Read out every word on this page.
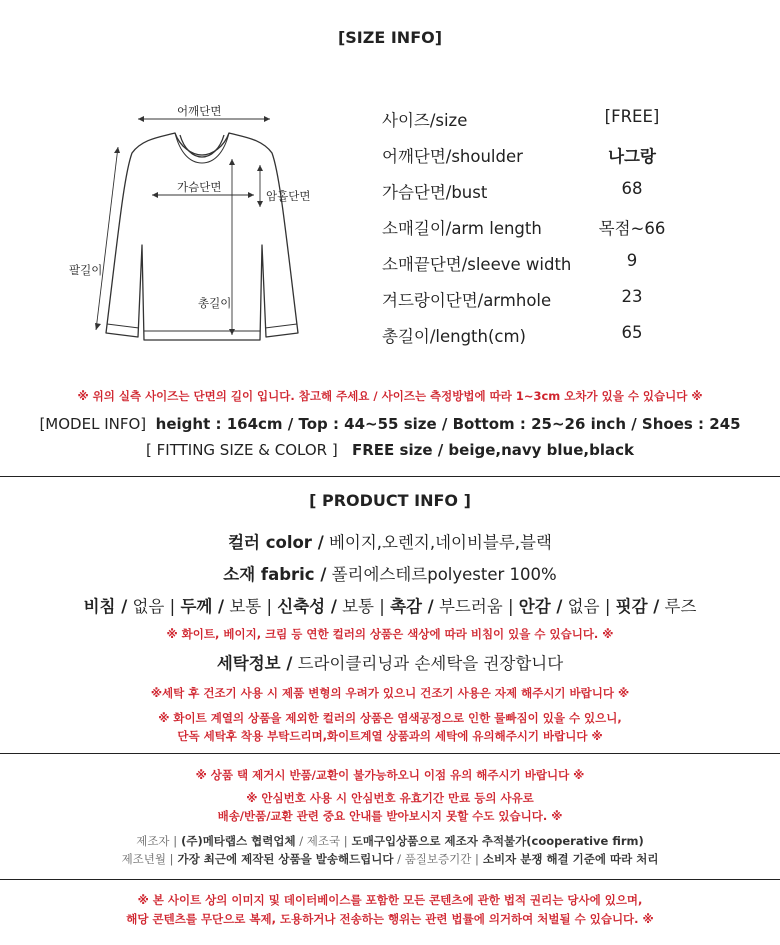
[SIZE INFO]
어깨단면
가슴단면
암홀단면
팔길이
총길이
사이즈/size	[FREE]
어깨단면/shoulder	나그랑
가슴단면/bust	68
소매길이/arm length	목점~66
소매끝단면/sleeve width	9
겨드랑이단면/armhole	23
총길이/length(cm)	65
※ 위의 실측 사이즈는 단면의 길이 입니다. 참고해 주세요 / 사이즈는 측정방법에 따라 1~3cm 오차가 있을 수 있습니다 ※
[MODEL INFO] height : 164cm / Top : 44~55 size / Bottom : 25~26 inch / Shoes : 245
[ FITTING SIZE & COLOR ] FREE size / beige,navy blue,black
[ PRODUCT INFO ]
컬러 color / 베이지,오렌지,네이비블루,블랙
소재 fabric / 폴리에스테르polyester 100%
비침 / 없음 | 두께 / 보통 | 신축성 / 보통 | 촉감 / 부드러움 | 안감 / 없음 | 핏감 / 루즈
※ 화이트, 베이지, 크림 등 연한 컬러의 상품은 색상에 따라 비침이 있을 수 있습니다. ※
세탁정보 / 드라이클리닝과 손세탁을 권장합니다
※세탁 후 건조기 사용 시 제품 변형의 우려가 있으니 건조기 사용은 자제 해주시기 바랍니다 ※
※ 화이트 계열의 상품을 제외한 컬러의 상품은 염색공정으로 인한 물빠짐이 있을 수 있으니,
단독 세탁후 착용 부탁드리며,화이트계열 상품과의 세탁에 유의해주시기 바랍니다 ※
※ 상품 택 제거시 반품/교환이 불가능하오니 이점 유의 해주시기 바랍니다 ※
※ 안심번호 사용 시 안심번호 유효기간 만료 등의 사유로
배송/반품/교환 관련 중요 안내를 받아보시지 못할 수도 있습니다. ※
제조자 | (주)메타랩스 협력업체 / 제조국 | 도매구입상품으로 제조자 추적불가(cooperative firm)
제조년월 | 가장 최근에 제작된 상품을 발송해드립니다 / 품질보증기간 | 소비자 분쟁 해결 기준에 따라 처리
※ 본 사이트 상의 이미지 및 데이터베이스를 포함한 모든 콘텐츠에 관한 법적 권리는 당사에 있으며,
해당 콘텐츠를 무단으로 복제, 도용하거나 전송하는 행위는 관련 법률에 의거하여 처벌될 수 있습니다. ※
